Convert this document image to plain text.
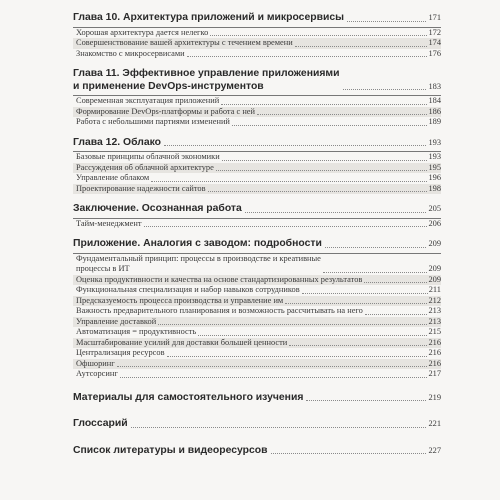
Глава 10. Архитектура приложений и микросервисы	171
Хорошая архитектура дается нелегко	172
Совершенствование вашей архитектуры с течением времени	174
Знакомство с микросервисами	176
Глава 11. Эффективное управление приложениями
и применение DevOps-инструментов	183
Современная эксплуатация приложений	184
Формирование DevOps-платформы и работа с ней	186
Работа с небольшими партиями изменений	189
Глава 12. Облако	193
Базовые принципы облачной экономики	193
Рассуждения об облачной архитектуре	195
Управление облаком	196
Проектирование надежности сайтов	198
Заключение. Осознанная работа	205
Тайм-менеджмент	206
Приложение. Аналогия с заводом: подробности	209
Фундаментальный принцип: процессы в производстве и креативные
процессы в ИТ	209
Оценка продуктивности и качества на основе стандартизированных результатов	209
Функциональная специализация и набор навыков сотрудников	211
Предсказуемость процесса производства и управление им	212
Важность предварительного планирования и возможность рассчитывать на него	213
Управление доставкой	213
Автоматизация = продуктивность	215
Масштабирование усилий для доставки большей ценности	216
Централизация ресурсов	216
Офшоринг	216
Аутсорсинг	217
Материалы для самостоятельного изучения	219
Глоссарий	221
Список литературы и видеоресурсов	227
